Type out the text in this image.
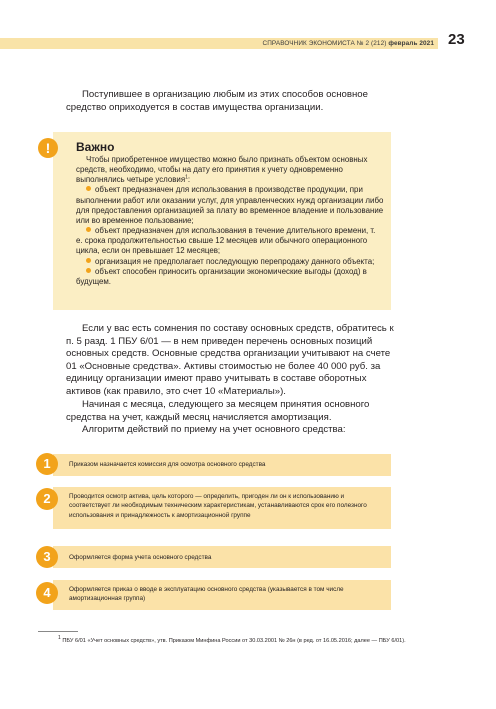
СПРАВОЧНИК ЭКОНОМИСТА № 2 (212) февраль 2021 23
Поступившее в организацию любым из этих способов основное средство оприходуется в состав имущества организации.
!	Важно

Чтобы приобретенное имущество можно было признать объектом основных средств, необходимо, чтобы на дату его принятия к учету одновременно выполнялись четыре условия$^1$:

объект предназначен для использования в производстве продукции, при выполнении работ или оказании услуг, для управленческих нужд организации либо для предоставления организацией за плату во временное владение и пользование или во временное пользование;
объект предназначен для использования в течение длительного времени, т. е. срока продолжительностью свыше 12 месяцев или обычного операционного цикла, если он превышает 12 месяцев;
организация не предполагает последующую перепродажу данного объекта;
объект способен приносить организации экономические выгоды (доход) в будущем.
Если у вас есть сомнения по составу основных средств, обратитесь к п. 5 разд. 1 ПБУ 6/01 — в нем приведен перечень основных позиций основных средств. Основные средства организации учитывают на счете 01 «Основные средства». Активы стоимостью не более 40 000 руб. за единицу организации имеют право учитывать в составе оборотных активов (как правило, это счет 10 «Материалы»).
Начиная с месяца, следующего за месяцем принятия основного средства на учет, каждый месяц начисляется амортизация.
Алгоритм действий по приему на учет основного средства:
1	Приказом назначается комиссия для осмотра основного средства
2	Проводится осмотр актива, цель которого — определить, пригоден ли он к использованию и соответствует ли необходимым техническим характеристикам, устанавливаются срок его полезного использования и принадлежность к амортизационной группе
3	Оформляется форма учета основного средства
4	Оформляется приказ о вводе в эксплуатацию основного средства (указывается в том числе амортизационная группа)
$^1$ ПБУ 6/01 «Учет основных средств», утв. Приказом Минфина России от 30.03.2001 № 26н (в ред. от 16.05.2016; далее — ПБУ 6/01).
